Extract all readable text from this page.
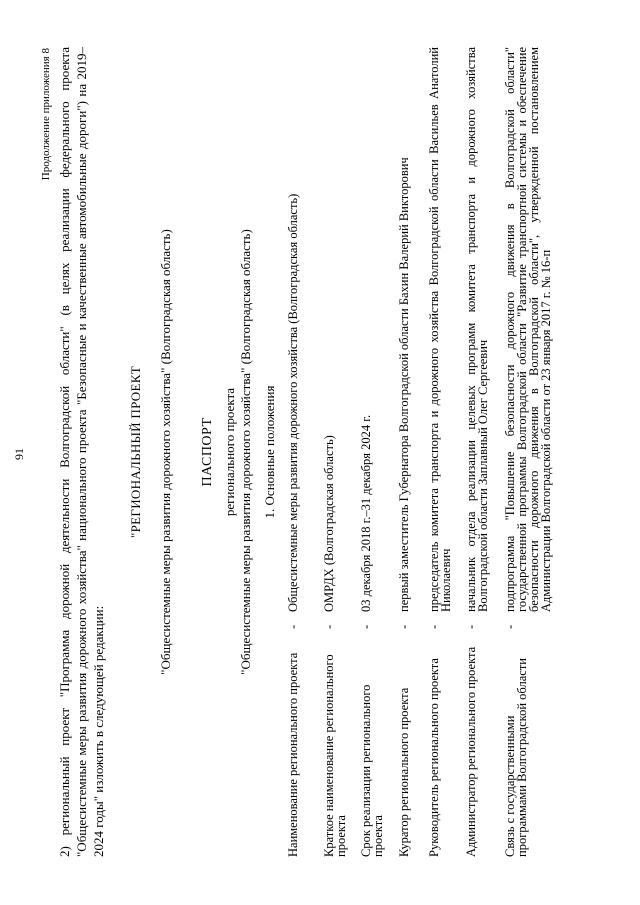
91
Продолжение приложения 8 2) региональный проект "Программа дорожной деятельности Волгоградской области" (в целях реализации федерального проекта "Общесистемные меры развития дорожного хозяйства" национального проекта "Безопасные и качественные автомобильные дороги") на 2019–2024 годы" изложить в следующей редакции:
"РЕГИОНАЛЬНЫЙ ПРОЕКТ "Общесистемные меры развития дорожного хозяйства" (Волгоградская область) ПАСПОРТ регионального проекта "Общесистемные меры развития дорожного хозяйства" (Волгоградская область) 1. Основные положения
Наименование регионального проекта
-
Общесистемные меры развития дорожного хозяйства (Волгоградская область)
Краткое наименование регионального проекта
-
ОМРДХ (Волгоградская область)
Срок реализации регионального проекта
-
03 декабря 2018 г.–31 декабря 2024 г.
Куратор регионального проекта
-
первый заместитель Губернатора Волгоградской области Бахин Валерий Викторович
Руководитель регионального проекта
-
председатель комитета транспорта и дорожного хозяйства Волгоградской области Васильев Анатолий Николаевич
Администратор регионального проекта
-
начальник отдела реализации целевых программ комитета транспорта и дорожного хозяйства Волгоградской области Заплавный Олег Сергеевич
Связь с государственными программами Волгоградской области
-
подпрограмма "Повышение безопасности дорожного движения в Волгоградской области" государственной программы Волгоградской области "Развитие транспортной системы и обеспечение безопасности дорожного движения в Волгоградской области", утвержденной постановлением Администрации Волгоградской области от 23 января 2017 г. № 16-п
